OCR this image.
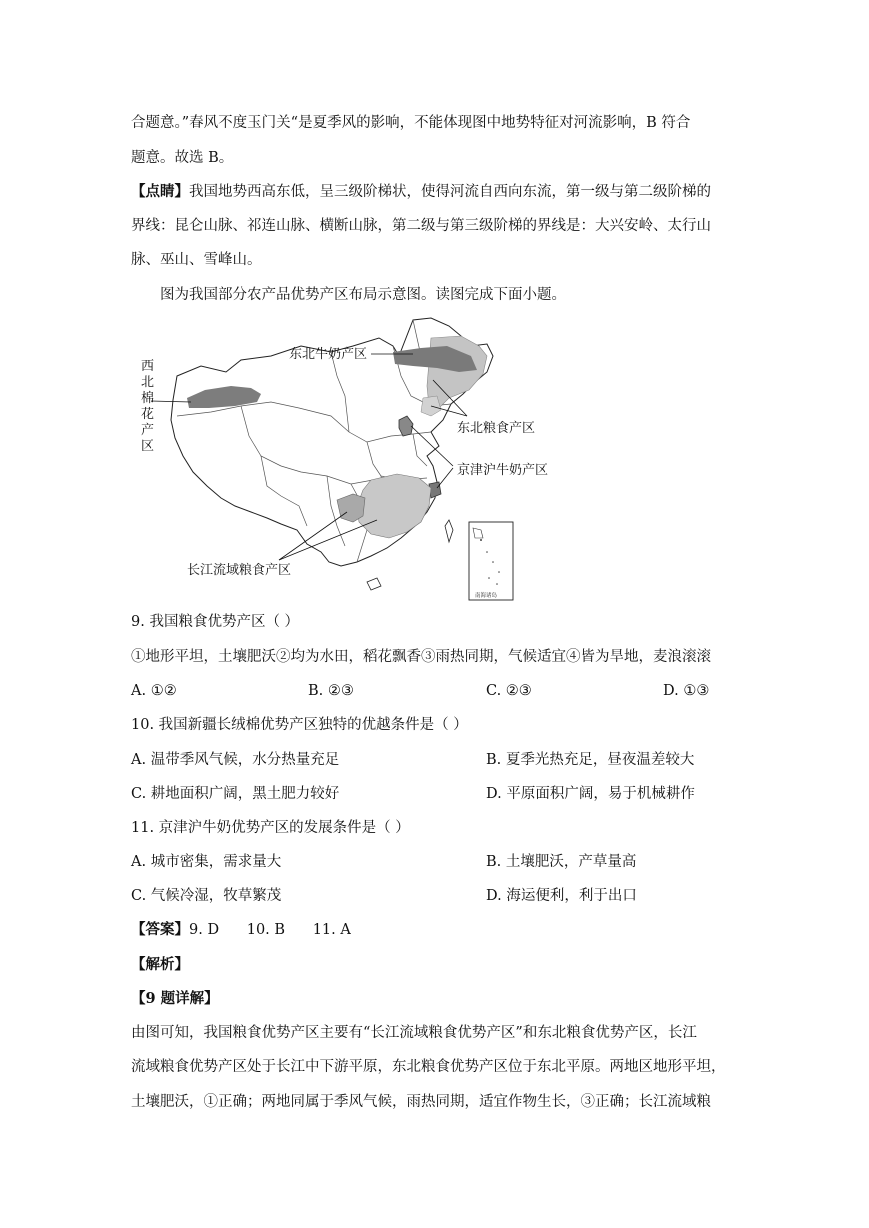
合题意。”春风不度玉门关“是夏季风的影响，不能体现图中地势特征对河流影响，B 符合
题意。故选 B。
【点睛】我国地势西高东低，呈三级阶梯状，使得河流自西向东流，第一级与第二级阶梯的
界线：昆仑山脉、祁连山脉、横断山脉，第二级与第三级阶梯的界线是：大兴安岭、太行山
脉、巫山、雪峰山。
图为我国部分农产品优势产区布局示意图。读图完成下面小题。
东北牛奶产区
西
北
棉
花
产
区
东北粮食产区
京津沪牛奶产区
长江流域粮食产区
南海诸岛
9. 我国粮食优势产区（ ）
①地形平坦，土壤肥沃②均为水田，稻花飘香③雨热同期，气候适宜④皆为旱地，麦浪滚滚
A. ①②	B. ②③	C. ②③	D. ①③
10. 我国新疆长绒棉优势产区独特的优越条件是（ ）
A. 温带季风气候，水分热量充足	B. 夏季光热充足，昼夜温差较大
C. 耕地面积广阔，黑土肥力较好	D. 平原面积广阔，易于机械耕作
11. 京津沪牛奶优势产区的发展条件是（ ）
A. 城市密集，需求量大	B. 土壤肥沃，产草量高
C. 气候冷湿，牧草繁茂	D. 海运便利，利于出口
【答案】9. D      10. B      11. A
【解析】
【9 题详解】
由图可知，我国粮食优势产区主要有“长江流域粮食优势产区”和东北粮食优势产区，长江
流域粮食优势产区处于长江中下游平原，东北粮食优势产区位于东北平原。两地区地形平坦，
土壤肥沃，①正确；两地同属于季风气候，雨热同期，适宜作物生长，③正确；长江流域粮
